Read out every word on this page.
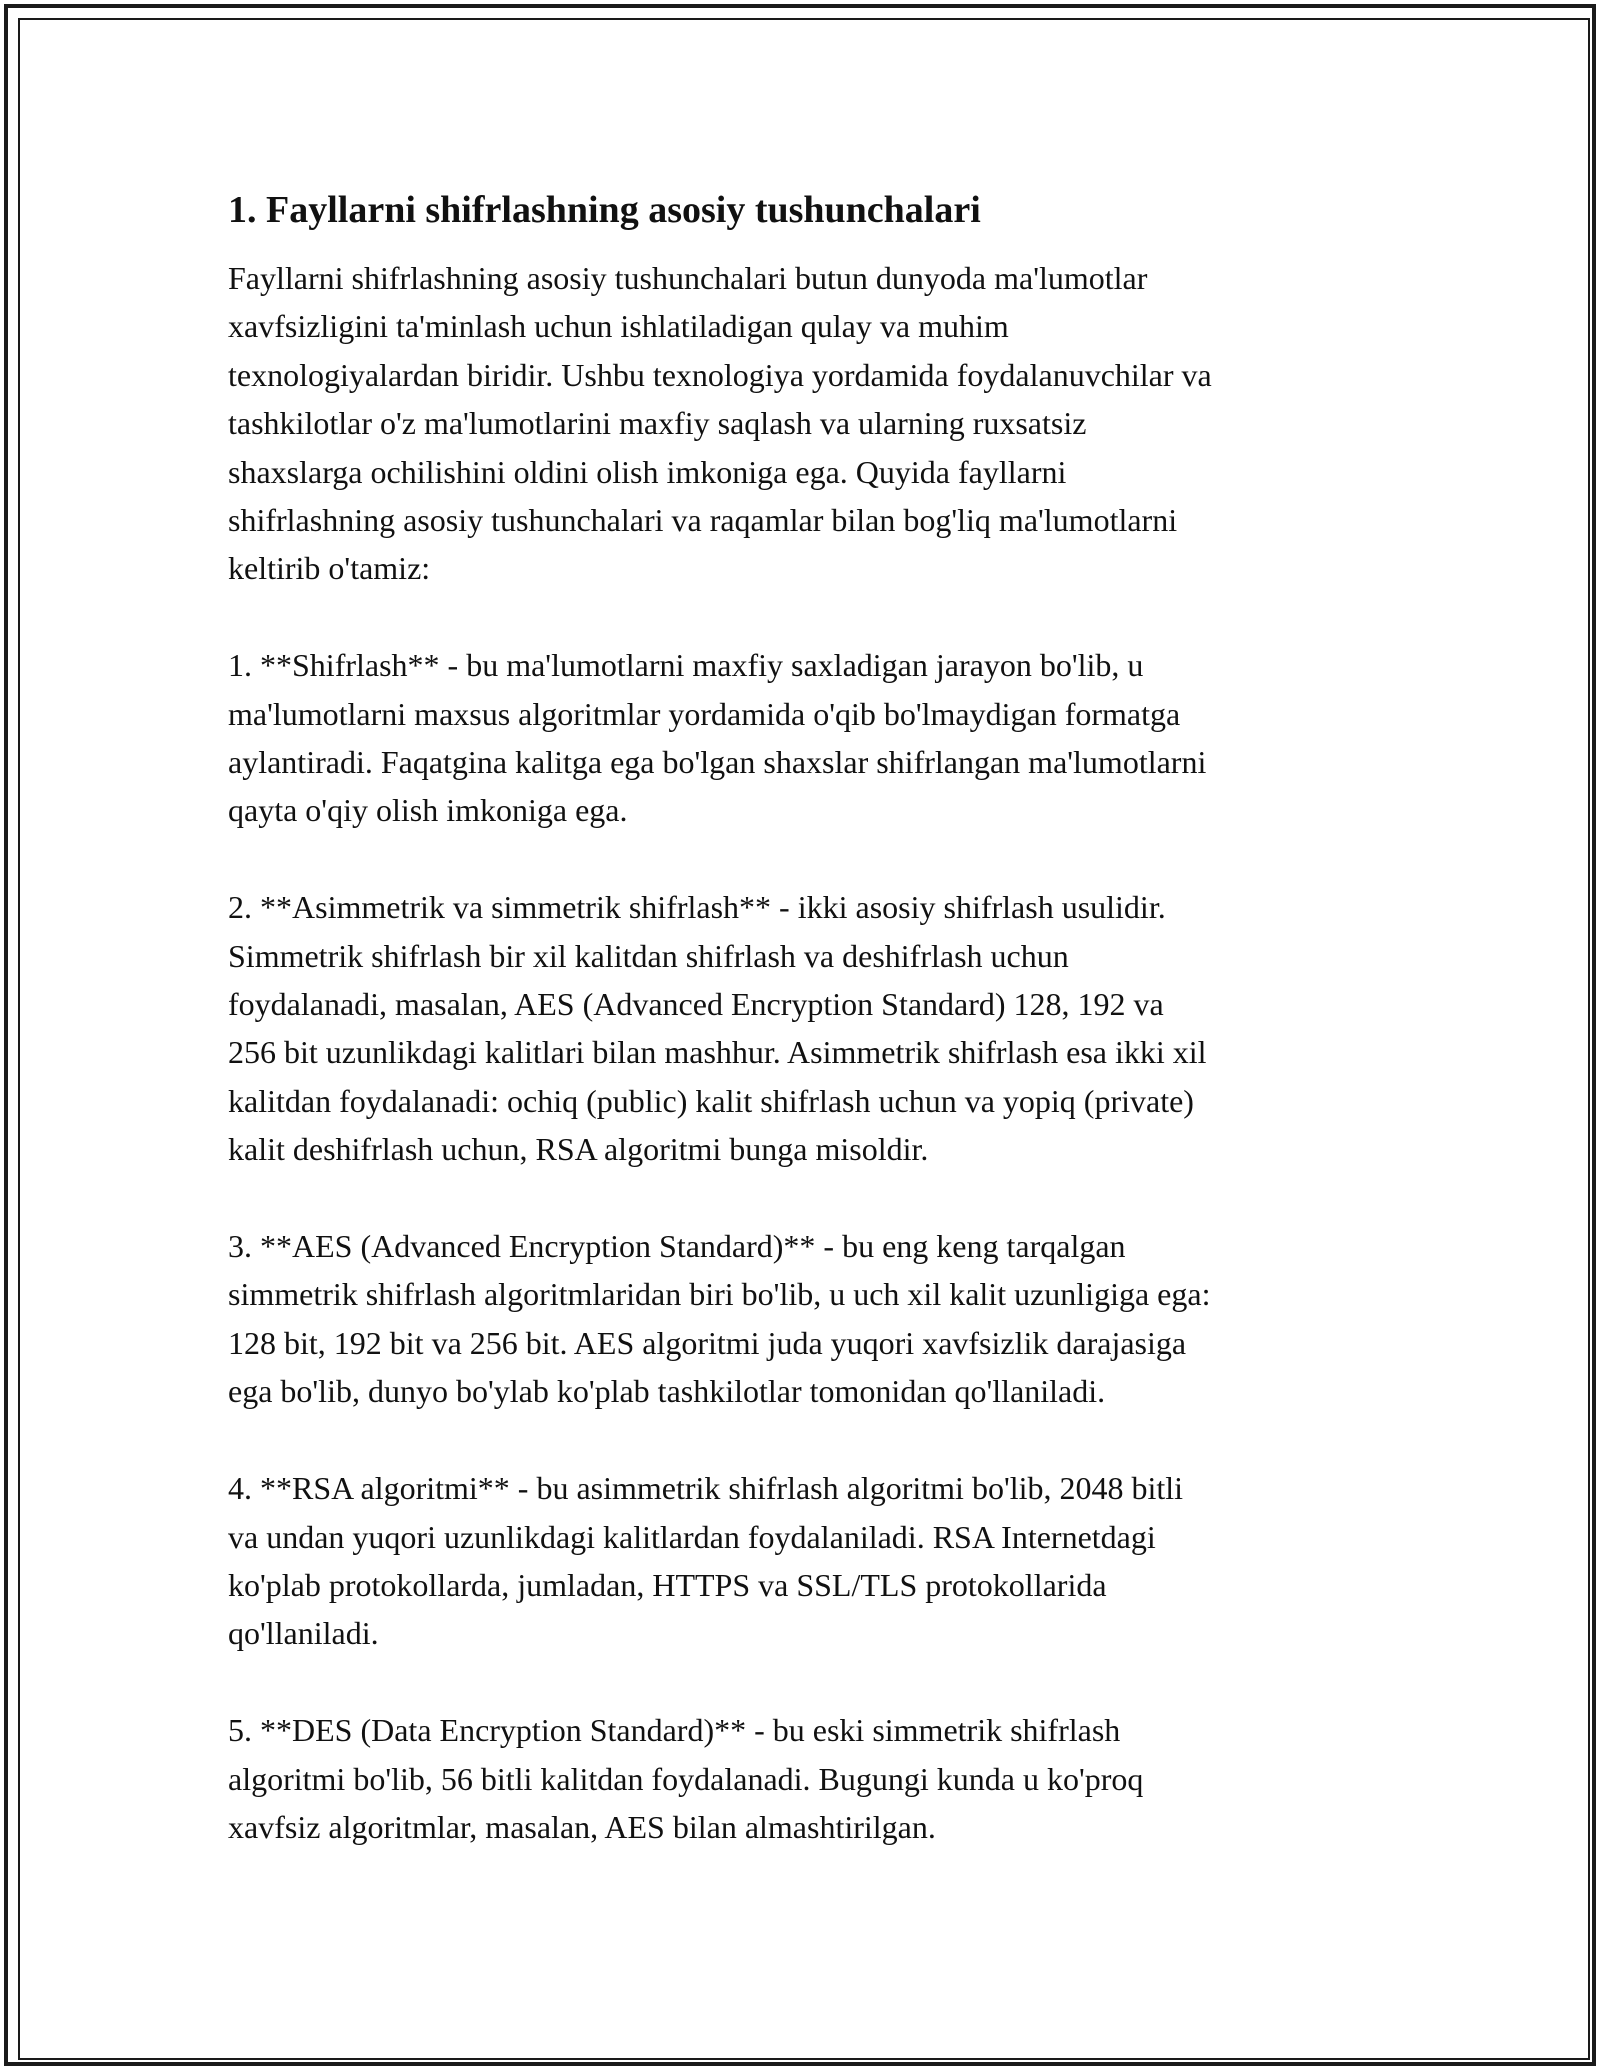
1. Fayllarni shifrlashning asosiy tushunchalari
Fayllarni shifrlashning asosiy tushunchalari butun dunyoda ma'lumotlar
xavfsizligini ta'minlash uchun ishlatiladigan qulay va muhim
texnologiyalardan biridir. Ushbu texnologiya yordamida foydalanuvchilar va
tashkilotlar o'z ma'lumotlarini maxfiy saqlash va ularning ruxsatsiz
shaxslarga ochilishini oldini olish imkoniga ega. Quyida fayllarni
shifrlashning asosiy tushunchalari va raqamlar bilan bog'liq ma'lumotlarni
keltirib o'tamiz:
1. **Shifrlash** - bu ma'lumotlarni maxfiy saxladigan jarayon bo'lib, u
ma'lumotlarni maxsus algoritmlar yordamida o'qib bo'lmaydigan formatga
aylantiradi. Faqatgina kalitga ega bo'lgan shaxslar shifrlangan ma'lumotlarni
qayta o'qiy olish imkoniga ega.
2. **Asimmetrik va simmetrik shifrlash** - ikki asosiy shifrlash usulidir.
Simmetrik shifrlash bir xil kalitdan shifrlash va deshifrlash uchun
foydalanadi, masalan, AES (Advanced Encryption Standard) 128, 192 va
256 bit uzunlikdagi kalitlari bilan mashhur. Asimmetrik shifrlash esa ikki xil
kalitdan foydalanadi: ochiq (public) kalit shifrlash uchun va yopiq (private)
kalit deshifrlash uchun, RSA algoritmi bunga misoldir.
3. **AES (Advanced Encryption Standard)** - bu eng keng tarqalgan
simmetrik shifrlash algoritmlaridan biri bo'lib, u uch xil kalit uzunligiga ega:
128 bit, 192 bit va 256 bit. AES algoritmi juda yuqori xavfsizlik darajasiga
ega bo'lib, dunyo bo'ylab ko'plab tashkilotlar tomonidan qo'llaniladi.
4. **RSA algoritmi** - bu asimmetrik shifrlash algoritmi bo'lib, 2048 bitli
va undan yuqori uzunlikdagi kalitlardan foydalaniladi. RSA Internetdagi
ko'plab protokollarda, jumladan, HTTPS va SSL/TLS protokollarida
qo'llaniladi.
5. **DES (Data Encryption Standard)** - bu eski simmetrik shifrlash
algoritmi bo'lib, 56 bitli kalitdan foydalanadi. Bugungi kunda u ko'proq
xavfsiz algoritmlar, masalan, AES bilan almashtirilgan.
